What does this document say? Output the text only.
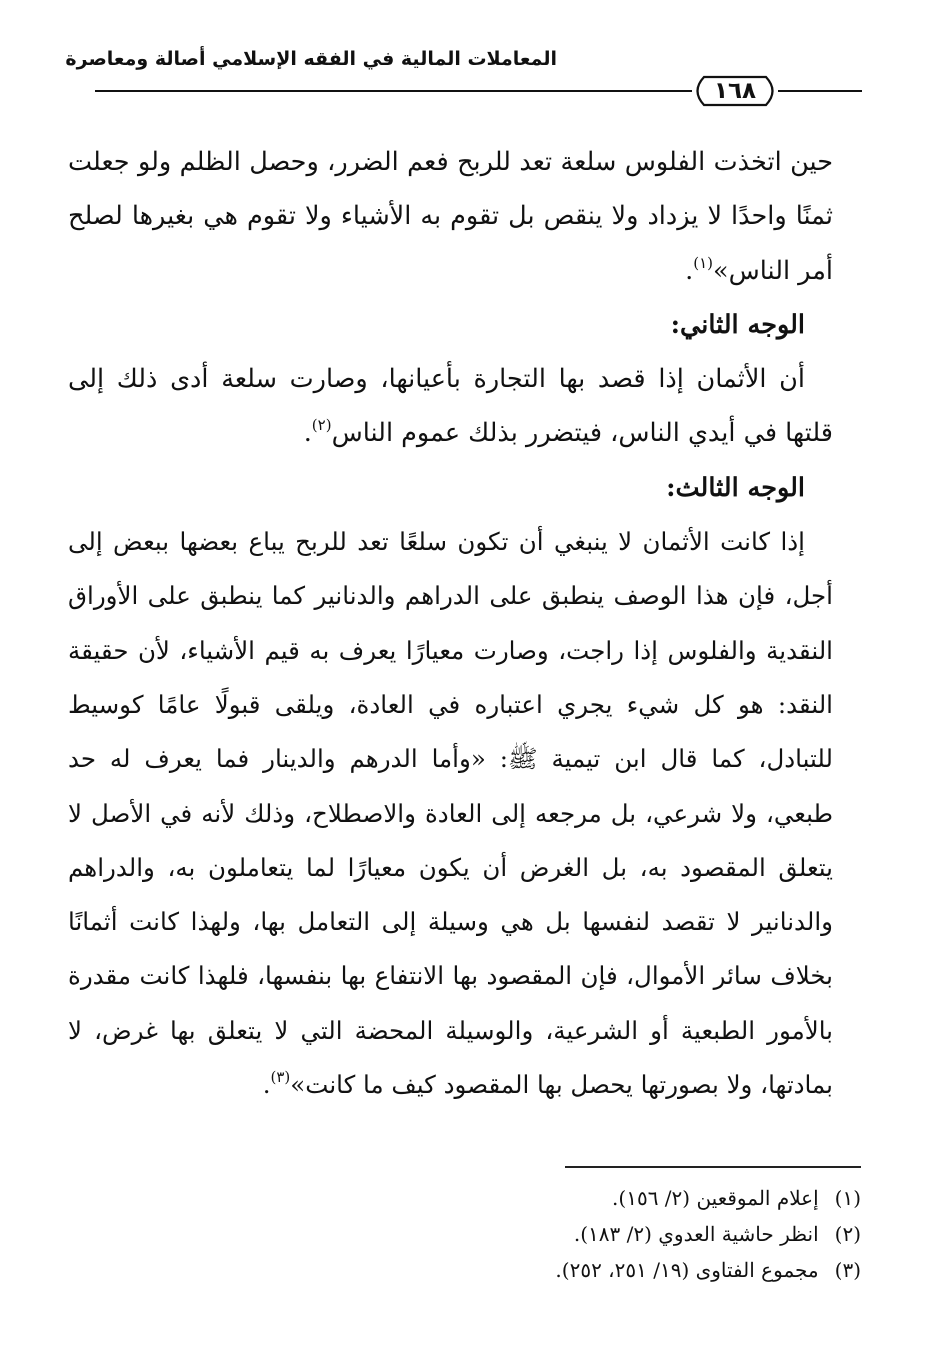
المعاملات المالية في الفقه الإسلامي أصالة ومعاصرة
١٦٨

حين اتخذت الفلوس سلعة تعد للربح فعم الضرر، وحصل الظلم ولو جعلت ثمنًا واحدًا لا يزداد ولا ينقص بل تقوم به الأشياء ولا تقوم هي بغيرها لصلح أمر الناس»$^{(١)}$.

الوجه الثاني:

أن الأثمان إذا قصد بها التجارة بأعيانها، وصارت سلعة أدى ذلك إلى قلتها في أيدي الناس، فيتضرر بذلك عموم الناس$^{(٢)}$.

الوجه الثالث:

إذا كانت الأثمان لا ينبغي أن تكون سلعًا تعد للربح يباع بعضها ببعض إلى أجل، فإن هذا الوصف ينطبق على الدراهم والدنانير كما ينطبق على الأوراق النقدية والفلوس إذا راجت، وصارت معيارًا يعرف به قيم الأشياء، لأن حقيقة النقد: هو كل شيء يجري اعتباره في العادة، ويلقى قبولًا عامًا كوسيط للتبادل، كما قال ابن تيمية ﷺ: «وأما الدرهم والدينار فما يعرف له حد طبعي، ولا شرعي، بل مرجعه إلى العادة والاصطلاح، وذلك لأنه في الأصل لا يتعلق المقصود به، بل الغرض أن يكون معيارًا لما يتعاملون به، والدراهم والدنانير لا تقصد لنفسها بل هي وسيلة إلى التعامل بها، ولهذا كانت أثمانًا بخلاف سائر الأموال، فإن المقصود بها الانتفاع بها بنفسها، فلهذا كانت مقدرة بالأمور الطبعية أو الشرعية، والوسيلة المحضة التي لا يتعلق بها غرض، لا بمادتها، ولا بصورتها يحصل بها المقصود كيف ما كانت»$^{(٣)}$.

(١) إعلام الموقعين (٢/ ١٥٦).
(٢) انظر حاشية العدوي (٢/ ١٨٣).
(٣) مجموع الفتاوى (١٩/ ٢٥١، ٢٥٢).
